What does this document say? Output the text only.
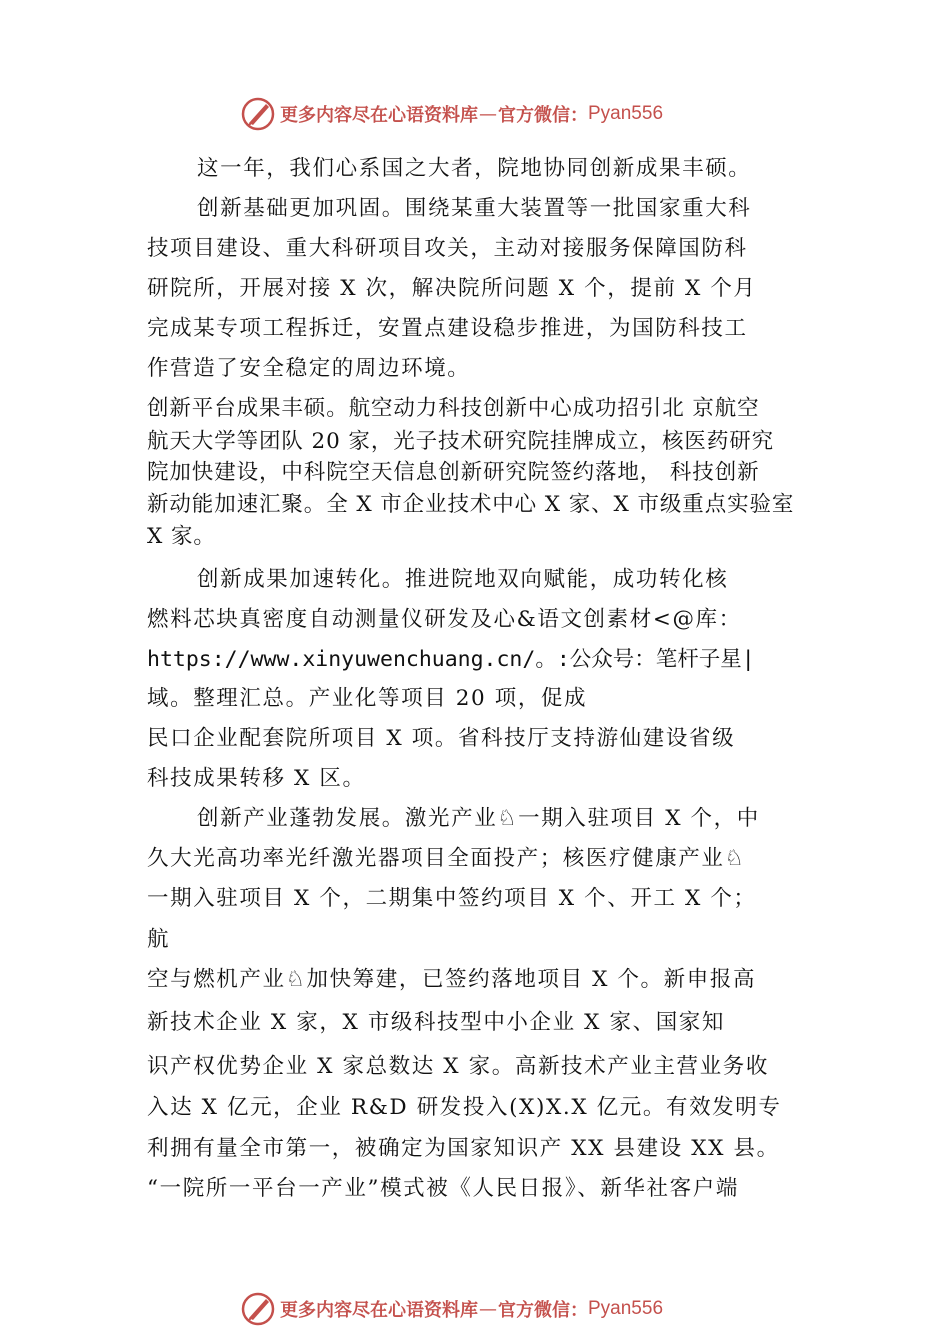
更多内容尽在心语资料库 — 官方微信： Pyan556
这一年，我们心系国之大者，院地协同创新成果丰硕。
创新基础更加巩固。围绕某重大装置等一批国家重大科
技项目建设、重大科研项目攻关，主动对接服务保障国防科
研院所，开展对接 X 次，解决院所问题 X 个，提前 X 个月
完成某专项工程拆迁，安置点建设稳步推进，为国防科技工
作营造了安全稳定的周边环境。
创新平台成果丰硕。航空动力科技创新中心成功招引北 京航空
航天大学等团队 20 家，光子技术研究院挂牌成立，核医药研究
院加快建设，中科院空天信息创新研究院签约落地， 科技创新
新动能加速汇聚。全 X 市企业技术中心 X 家、X 市级重点实验室
X 家。
创新成果加速转化。推进院地双向赋能，成功转化核
燃料芯块真密度自动测量仪研发及心&语文创素材<@库：
https://www.xinyuwenchuang.cn/。:公众号：笔杆子星|
域。整理汇总。产业化等项目 20 项，促成
民口企业配套院所项目 X 项。省科技厅支持游仙建设省级
科技成果转移 X 区。
创新产业蓬勃发展。激光产业♘一期入驻项目 X 个，中
久大光高功率光纤激光器项目全面投产；核医疗健康产业♘
一期入驻项目 X 个，二期集中签约项目 X 个、开工 X 个；
航
空与燃机产业♘加快筹建，已签约落地项目 X 个。新申报高
新技术企业 X 家，X 市级科技型中小企业 X 家、国家知
识产权优势企业 X 家总数达 X 家。高新技术产业主营业务收
入达 X 亿元，企业 R&D 研发投入(X)X.X 亿元。有效发明专
利拥有量全市第一，被确定为国家知识产 XX 县建设 XX 县。
“一院所一平台一产业”模式被《人民日报》、新华社客户端
更多内容尽在心语资料库 — 官方微信： Pyan556
